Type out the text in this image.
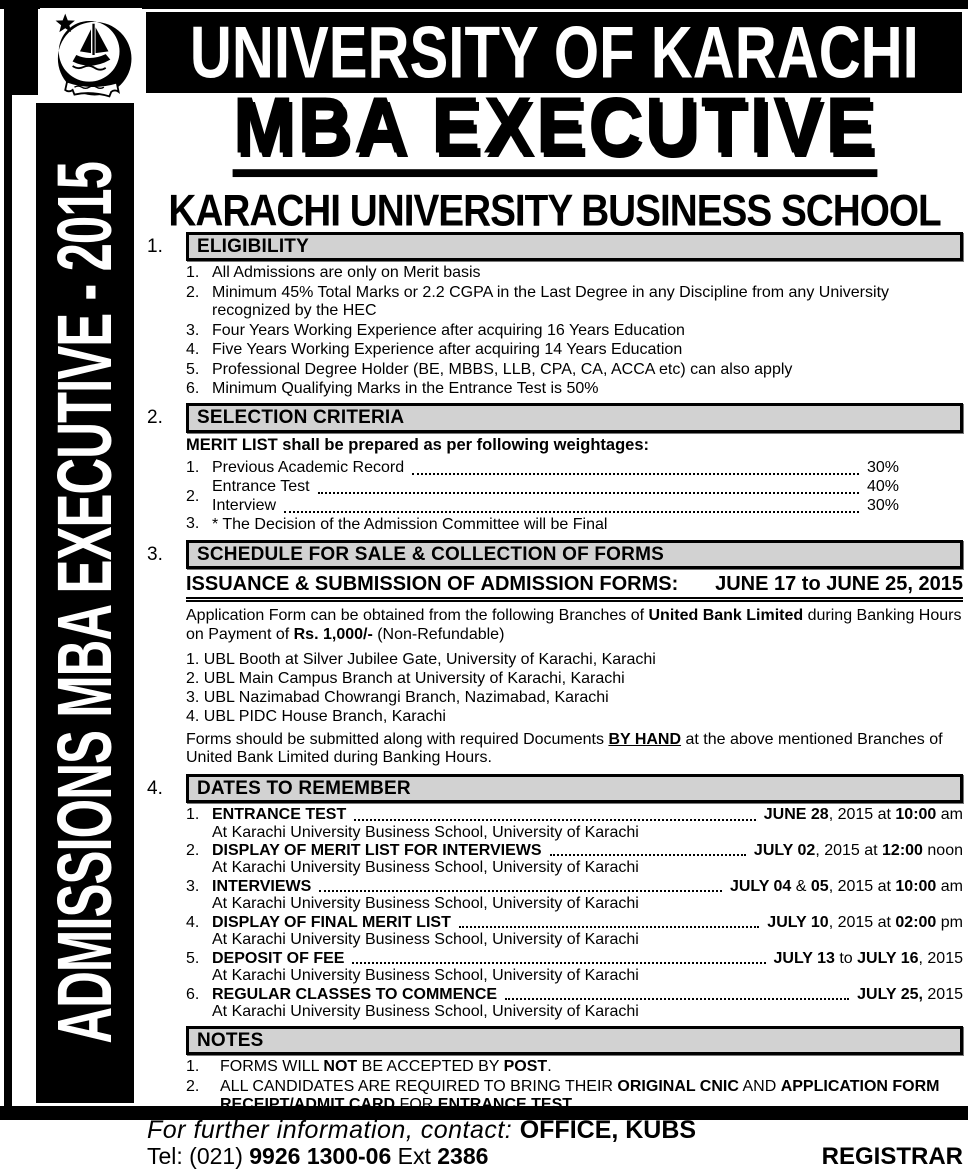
UNIVERSITY OF KARACHI
ADMISSIONS MBA EXECUTIVE - 2015
MBA EXECUTIVE
KARACHI UNIVERSITY BUSINESS SCHOOL
1.	ELIGIBILITY
1. All Admissions are only on Merit basis
2. Minimum 45% Total Marks or 2.2 CGPA in the Last Degree in any Discipline from any University recognized by the HEC
3. Four Years Working Experience after acquiring 16 Years Education
4. Five Years Working Experience after acquiring 14 Years Education
5. Professional Degree Holder (BE, MBBS, LLB, CPA, CA, ACCA etc) can also apply
6. Minimum Qualifying Marks in the Entrance Test is 50%
2.	SELECTION CRITERIA
MERIT LIST shall be prepared as per following weightages:
1. Previous Academic Record	30%
2.
Entrance Test	40%
Interview	30%
3. * The Decision of the Admission Committee will be Final
3.	SCHEDULE FOR SALE & COLLECTION OF FORMS
ISSUANCE & SUBMISSION OF ADMISSION FORMS: JUNE 17 to JUNE 25, 2015
Application Form can be obtained from the following Branches of United Bank Limited during Banking Hours on Payment of Rs. 1,000/- (Non-Refundable)
1. UBL Booth at Silver Jubilee Gate, University of Karachi, Karachi
2. UBL Main Campus Branch at University of Karachi, Karachi
3. UBL Nazimabad Chowrangi Branch, Nazimabad, Karachi
4. UBL PIDC House Branch, Karachi
Forms should be submitted along with required Documents BY HAND at the above mentioned Branches of United Bank Limited during Banking Hours.
4.	DATES TO REMEMBER
1. ENTRANCE TEST	JUNE 28, 2015 at 10:00 am
At Karachi University Business School, University of Karachi
2. DISPLAY OF MERIT LIST FOR INTERVIEWS	JULY 02, 2015 at 12:00 noon
At Karachi University Business School, University of Karachi
3. INTERVIEWS	JULY 04 & 05, 2015 at 10:00 am
At Karachi University Business School, University of Karachi
4. DISPLAY OF FINAL MERIT LIST	JULY 10, 2015 at 02:00 pm
At Karachi University Business School, University of Karachi
5. DEPOSIT OF FEE	JULY 13 to JULY 16, 2015
At Karachi University Business School, University of Karachi
6. REGULAR CLASSES TO COMMENCE	JULY 25, 2015
At Karachi University Business School, University of Karachi
NOTES
1.	FORMS WILL NOT BE ACCEPTED BY POST.
2.	ALL CANDIDATES ARE REQUIRED TO BRING THEIR ORIGINAL CNIC AND APPLICATION FORM RECEIPT/ADMIT CARD FOR ENTRANCE TEST.
For further information, contact: OFFICE, KUBS
Tel: (021) 9926 1300-06 Ext 2386	REGISTRAR
